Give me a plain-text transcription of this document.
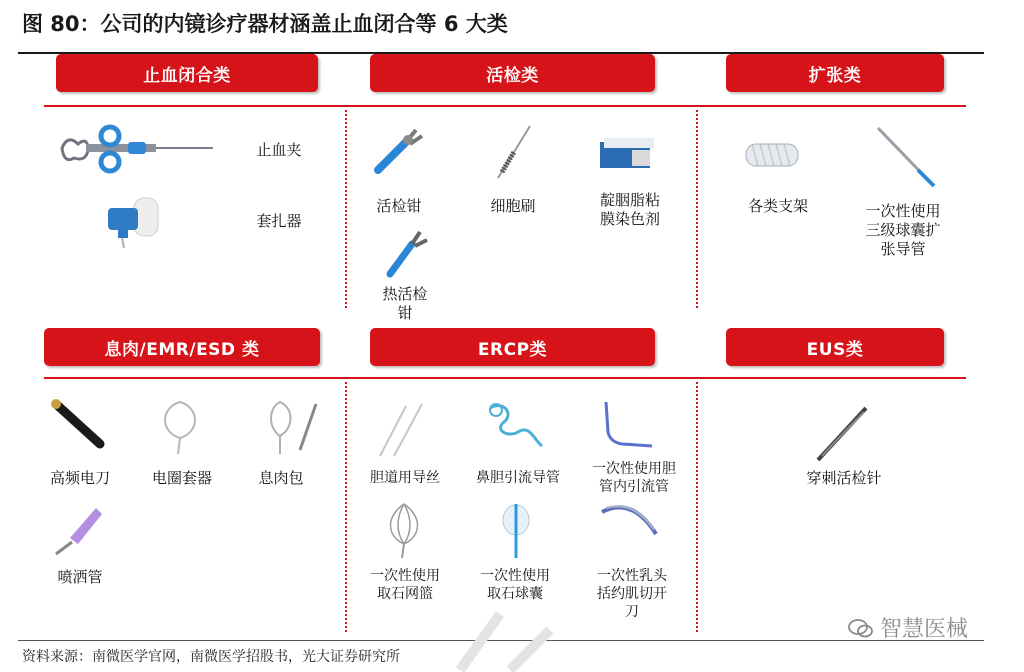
图 80：公司的内镜诊疗器材涵盖止血闭合等 6 大类
止血闭合类	活检类	扩张类
止血夹
套扎器
活检钳	细胞刷	靛胭脂粘
膜染色剂
热活检
钳
各类支架	一次性使用
三级球囊扩
张导管
息肉/EMR/ESD 类	ERCP类	EUS类
高频电刀	电圈套器	息肉包
喷洒管
胆道用导丝	鼻胆引流导管
一次性使用胆
管内引流管
一次性使用
取石网篮
一次性使用
取石球囊
一次性乳头
括约肌切开
刀
穿刺活检针
资料来源：南微医学官网，南微医学招股书，光大证券研究所
智慧医械
